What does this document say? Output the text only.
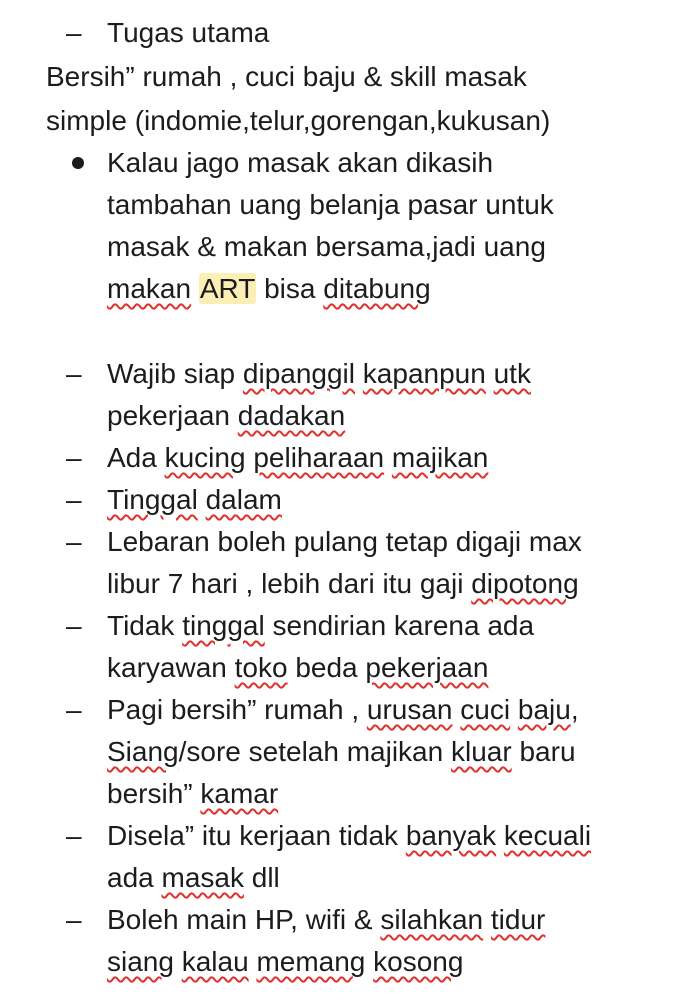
– Tugas utama
Bersih” rumah , cuci baju & skill masak
simple (indomie,telur,gorengan,kukusan)
Kalau jago masak akan dikasih
tambahan uang belanja pasar untuk
masak & makan bersama,jadi uang
makan ART bisa ditabung
– Wajib siap dipanggil kapanpun utk
pekerjaan dadakan
– Ada kucing peliharaan majikan
– Tinggal dalam
– Lebaran boleh pulang tetap digaji max
libur 7 hari , lebih dari itu gaji dipotong
– Tidak tinggal sendirian karena ada
karyawan toko beda pekerjaan
– Pagi bersih” rumah , urusan cuci baju,
Siang/sore setelah majikan kluar baru
bersih” kamar
– Disela” itu kerjaan tidak banyak kecuali
ada masak dll
– Boleh main HP, wifi & silahkan tidur
siang kalau memang kosong
